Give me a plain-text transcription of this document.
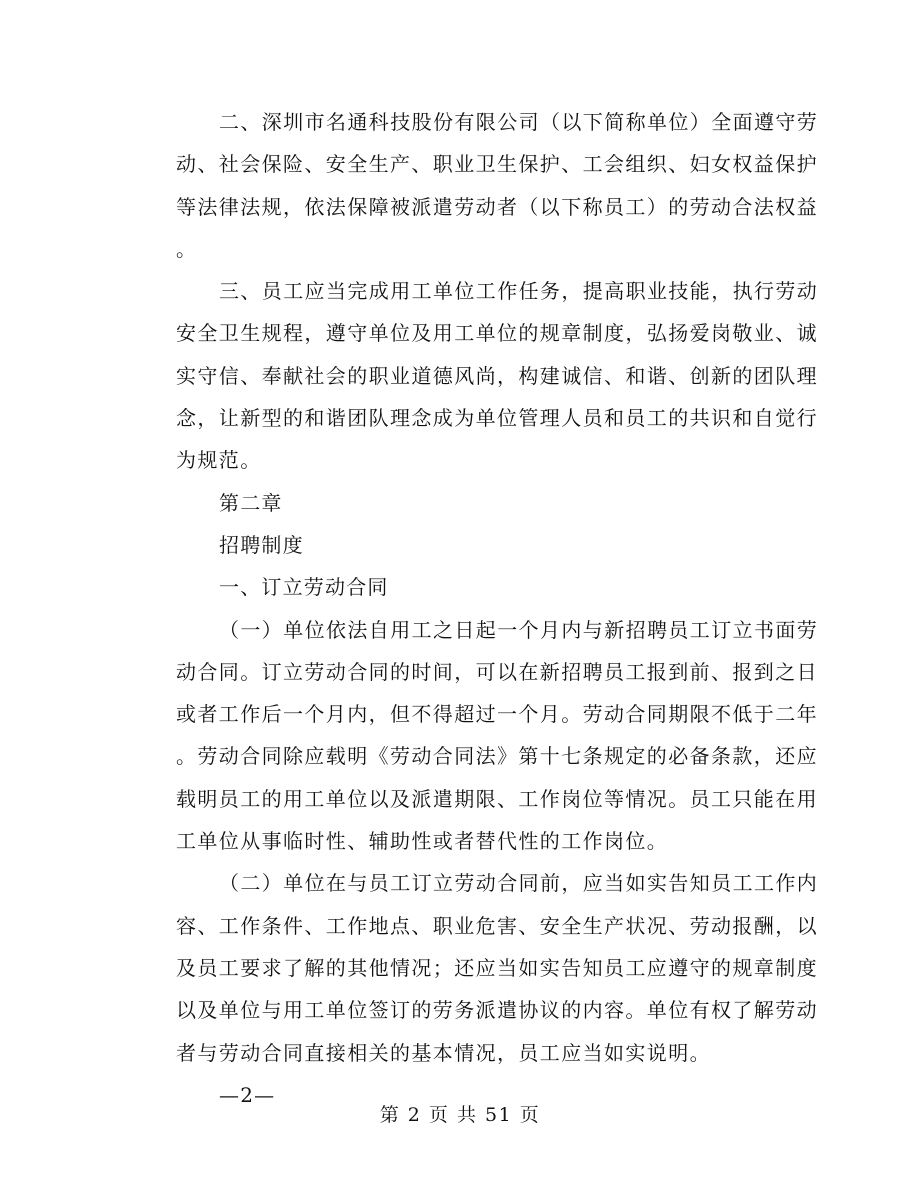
二、深圳市名通科技股份有限公司（以下简称单位）全面遵守劳
动、社会保险、安全生产、职业卫生保护、工会组织、妇女权益保护
等法律法规，依法保障被派遣劳动者（以下称员工）的劳动合法权益
。
三、员工应当完成用工单位工作任务，提高职业技能，执行劳动
安全卫生规程，遵守单位及用工单位的规章制度，弘扬爱岗敬业、诚
实守信、奉献社会的职业道德风尚，构建诚信、和谐、创新的团队理
念，让新型的和谐团队理念成为单位管理人员和员工的共识和自觉行
为规范。
第二章
招聘制度
一、订立劳动合同
（一）单位依法自用工之日起一个月内与新招聘员工订立书面劳
动合同。订立劳动合同的时间，可以在新招聘员工报到前、报到之日
或者工作后一个月内，但不得超过一个月。劳动合同期限不低于二年
。劳动合同除应载明《劳动合同法》第十七条规定的必备条款，还应
载明员工的用工单位以及派遣期限、工作岗位等情况。员工只能在用
工单位从事临时性、辅助性或者替代性的工作岗位。
（二）单位在与员工订立劳动合同前，应当如实告知员工工作内
容、工作条件、工作地点、职业危害、安全生产状况、劳动报酬，以
及员工要求了解的其他情况；还应当如实告知员工应遵守的规章制度
以及单位与用工单位签订的劳务派遣协议的内容。单位有权了解劳动
者与劳动合同直接相关的基本情况，员工应当如实说明。
—2—
第 2 页 共 51 页
